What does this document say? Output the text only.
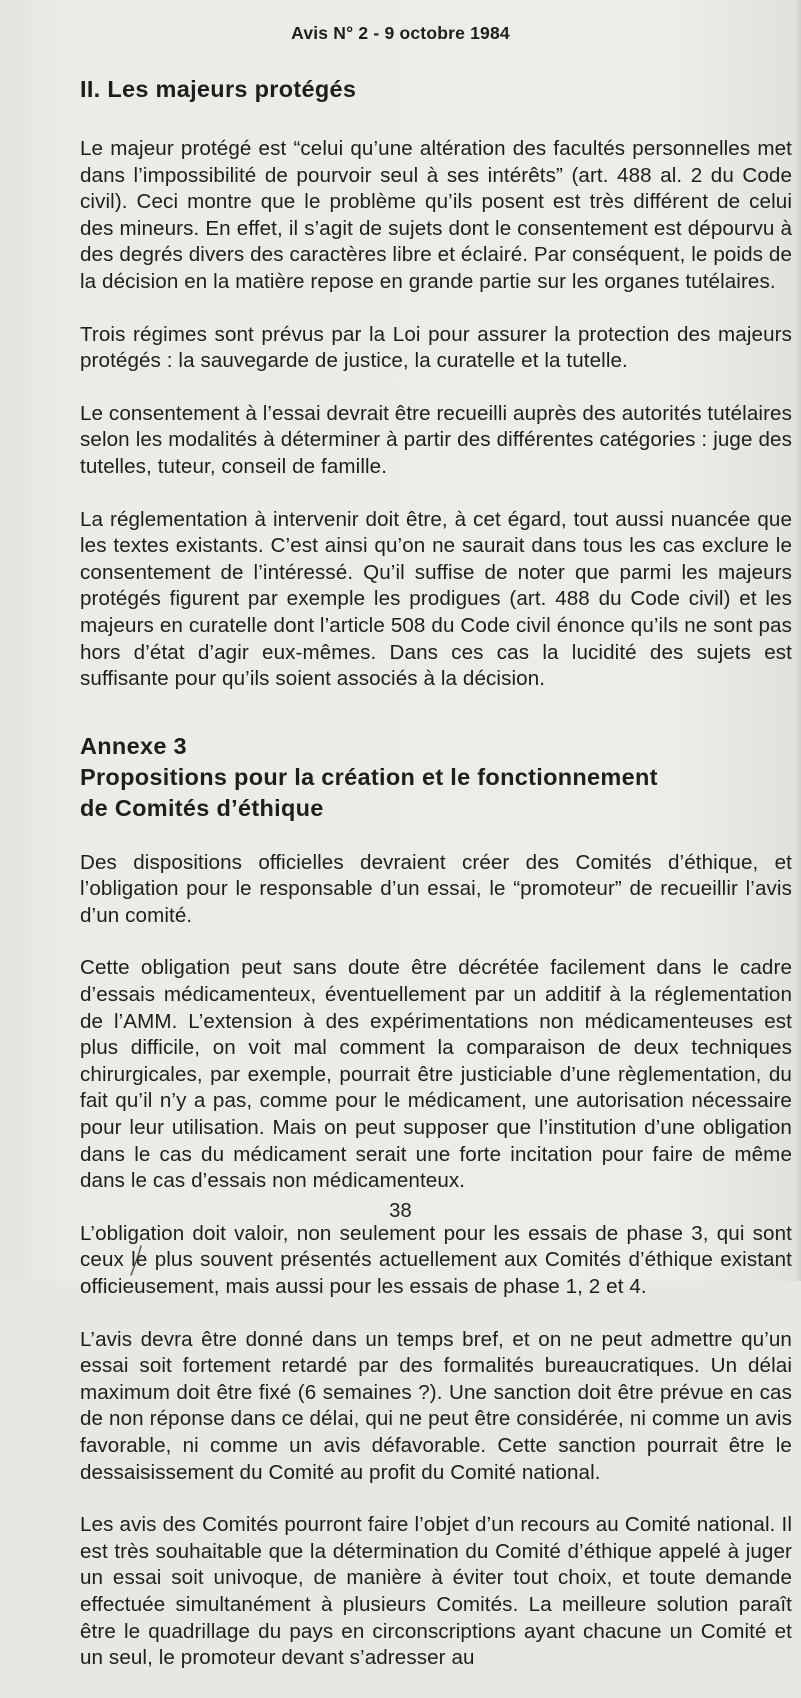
Avis N° 2 - 9 octobre 1984

II. Les majeurs protégés

Le majeur protégé est “celui qu’une altération des facultés personnelles met dans l’impossibilité de pourvoir seul à ses intérêts” (art. 488 al. 2 du Code civil). Ceci montre que le problème qu’ils posent est très différent de celui des mineurs. En effet, il s’agit de sujets dont le consentement est dépourvu à des degrés divers des caractères libre et éclairé. Par conséquent, le poids de la décision en la matière repose en grande partie sur les organes tutélaires.

Trois régimes sont prévus par la Loi pour assurer la protection des majeurs protégés : la sauvegarde de justice, la curatelle et la tutelle.

Le consentement à l’essai devrait être recueilli auprès des autorités tutélaires selon les modalités à déterminer à partir des différentes catégories : juge des tutelles, tuteur, conseil de famille.

La réglementation à intervenir doit être, à cet égard, tout aussi nuancée que les textes existants. C’est ainsi qu’on ne saurait dans tous les cas exclure le consentement de l’intéressé. Qu’il suffise de noter que parmi les majeurs protégés figurent par exemple les prodigues (art. 488 du Code civil) et les majeurs en curatelle dont l’article 508 du Code civil énonce qu’ils ne sont pas hors d’état d’agir eux-mêmes. Dans ces cas la lucidité des sujets est suffisante pour qu’ils soient associés à la décision.

Annexe 3
Propositions pour la création et le fonctionnement
de Comités d’éthique

Des dispositions officielles devraient créer des Comités d’éthique, et l’obligation pour le responsable d’un essai, le “promoteur” de recueillir l’avis d’un comité.

Cette obligation peut sans doute être décrétée facilement dans le cadre d’essais médicamenteux, éventuellement par un additif à la réglementation de l’AMM. L’extension à des expérimentations non médicamenteuses est plus difficile, on voit mal comment la comparaison de deux techniques chirurgicales, par exemple, pourrait être justiciable d’une règlementation, du fait qu’il n’y a pas, comme pour le médicament, une autorisation nécessaire pour leur utilisation. Mais on peut supposer que l’institution d’une obligation dans le cas du médicament serait une forte incitation pour faire de même dans le cas d’essais non médicamenteux.

L’obligation doit valoir, non seulement pour les essais de phase 3, qui sont ceux le plus souvent présentés actuellement aux Comités d’éthique existant officieusement, mais aussi pour les essais de phase 1, 2 et 4.

L’avis devra être donné dans un temps bref, et on ne peut admettre qu’un essai soit fortement retardé par des formalités bureaucratiques. Un délai maximum doit être fixé (6 semaines ?). Une sanction doit être prévue en cas de non réponse dans ce délai, qui ne peut être considérée, ni comme un avis favorable, ni comme un avis défavorable. Cette sanction pourrait être le dessaisissement du Comité au profit du Comité national.

Les avis des Comités pourront faire l’objet d’un recours au Comité national. Il est très souhaitable que la détermination du Comité d’éthique appelé à juger un essai soit univoque, de manière à éviter tout choix, et toute demande effectuée simultanément à plusieurs Comités. La meilleure solution paraît être le quadrillage du pays en circonscriptions ayant chacune un Comité et un seul, le promoteur devant s’adresser au

38
